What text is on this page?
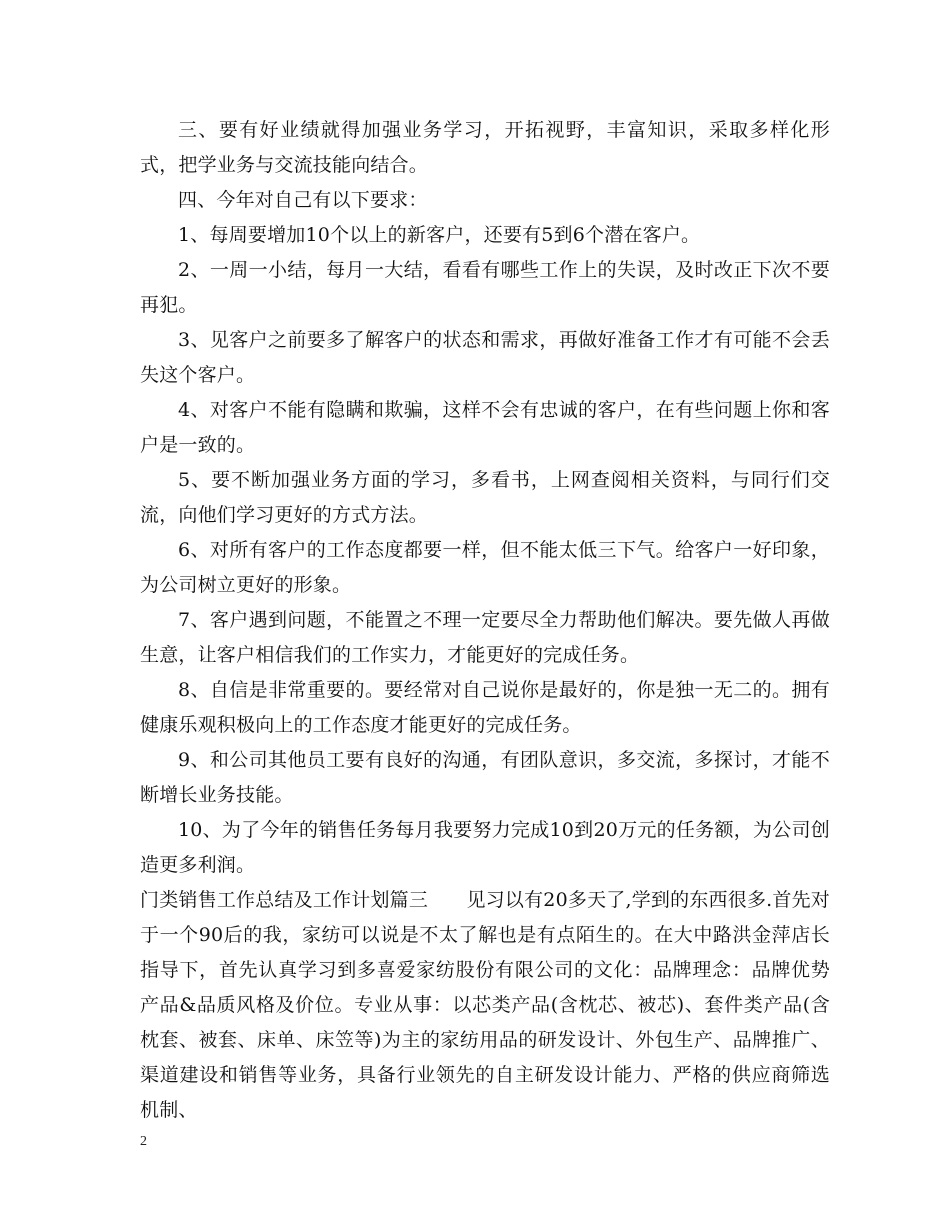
三、要有好业绩就得加强业务学习，开拓视野，丰富知识，采取多样化形式，把学业务与交流技能向结合。

四、今年对自己有以下要求：

1、每周要增加10个以上的新客户，还要有5到6个潜在客户。

2、一周一小结，每月一大结，看看有哪些工作上的失误，及时改正下次不要再犯。

3、见客户之前要多了解客户的状态和需求，再做好准备工作才有可能不会丢失这个客户。

4、对客户不能有隐瞒和欺骗，这样不会有忠诚的客户，在有些问题上你和客户是一致的。

5、要不断加强业务方面的学习，多看书，上网查阅相关资料，与同行们交流，向他们学习更好的方式方法。

6、对所有客户的工作态度都要一样，但不能太低三下气。给客户一好印象，为公司树立更好的形象。

7、客户遇到问题，不能置之不理一定要尽全力帮助他们解决。要先做人再做生意，让客户相信我们的工作实力，才能更好的完成任务。

8、自信是非常重要的。要经常对自己说你是最好的，你是独一无二的。拥有健康乐观积极向上的工作态度才能更好的完成任务。

9、和公司其他员工要有良好的沟通，有团队意识，多交流，多探讨，才能不断增长业务技能。

10、为了今年的销售任务每月我要努力完成10到20万元的任务额，为公司创造更多利润。

门类销售工作总结及工作计划篇三　　见习以有20多天了,学到的东西很多.首先对于一个90后的我，家纺可以说是不太了解也是有点陌生的。在大中路洪金萍店长指导下，首先认真学习到多喜爱家纺股份有限公司的文化：品牌理念：品牌优势产品&品质风格及价位。专业从事：以芯类产品(含枕芯、被芯)、套件类产品(含枕套、被套、床单、床笠等)为主的家纺用品的研发设计、外包生产、品牌推广、渠道建设和销售等业务，具备行业领先的自主研发设计能力、严格的供应商筛选机制、

2
